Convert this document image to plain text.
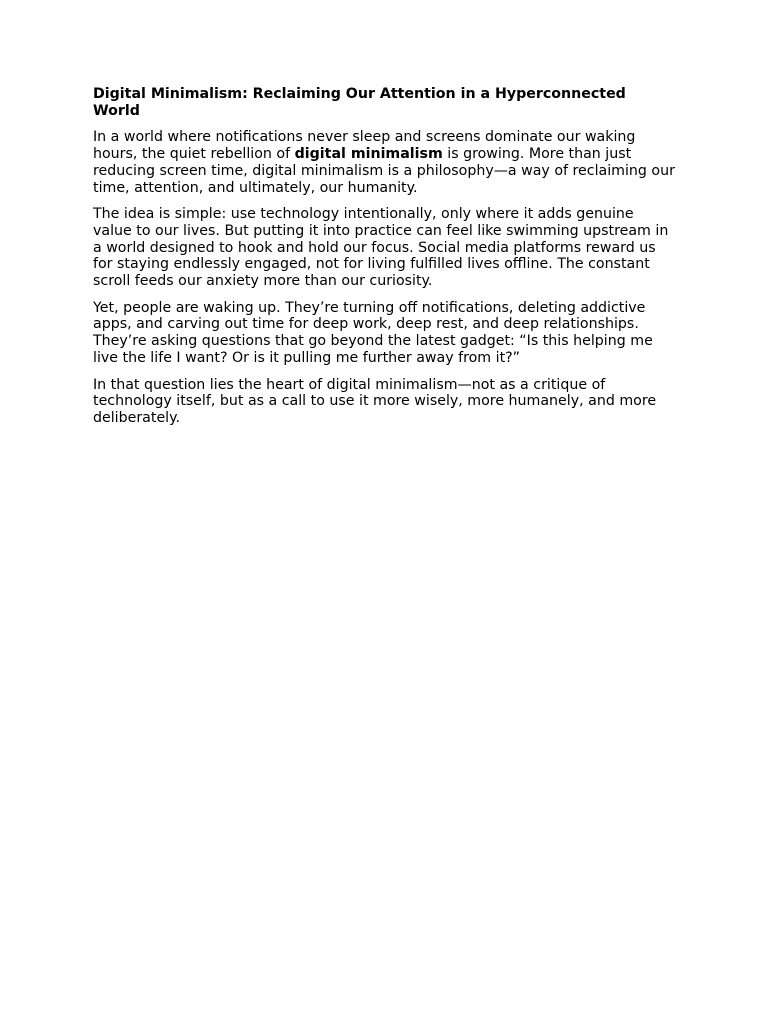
Digital Minimalism: Reclaiming Our Attention in a Hyperconnected World

In a world where notifications never sleep and screens dominate our waking hours, the quiet rebellion of digital minimalism is growing. More than just reducing screen time, digital minimalism is a philosophy—a way of reclaiming our time, attention, and ultimately, our humanity.

The idea is simple: use technology intentionally, only where it adds genuine value to our lives. But putting it into practice can feel like swimming upstream in a world designed to hook and hold our focus. Social media platforms reward us for staying endlessly engaged, not for living fulfilled lives offline. The constant scroll feeds our anxiety more than our curiosity.

Yet, people are waking up. They’re turning off notifications, deleting addictive apps, and carving out time for deep work, deep rest, and deep relationships. They’re asking questions that go beyond the latest gadget: “Is this helping me live the life I want? Or is it pulling me further away from it?”

In that question lies the heart of digital minimalism—not as a critique of technology itself, but as a call to use it more wisely, more humanely, and more deliberately.
